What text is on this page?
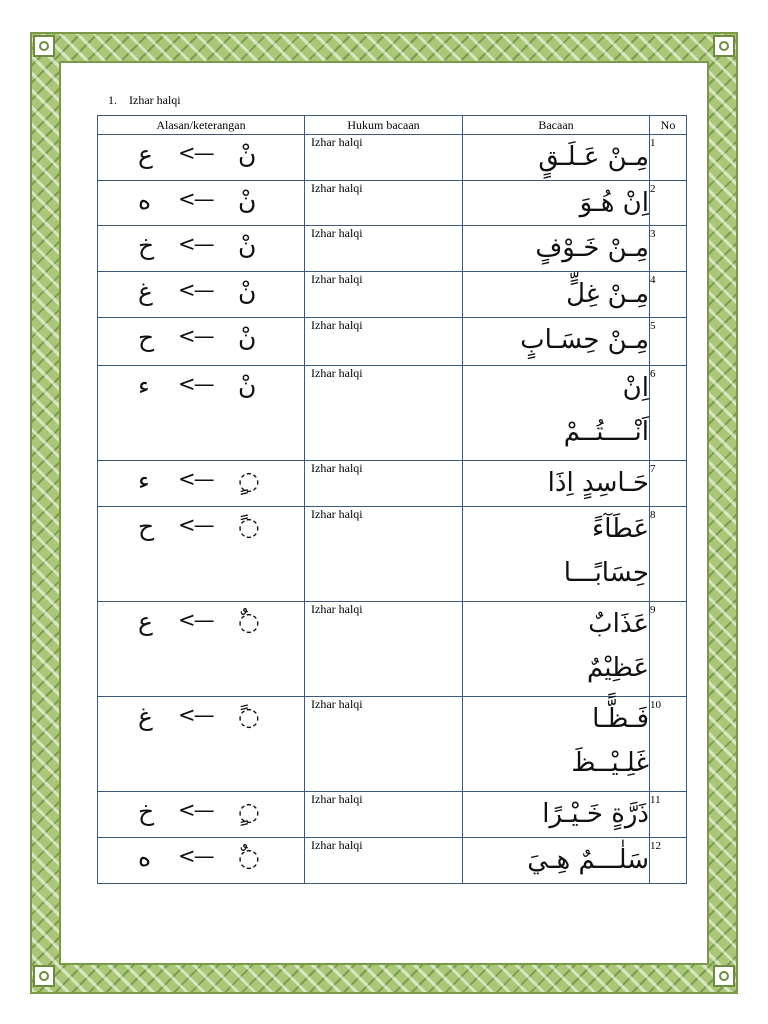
1. Izhar halqi
Alasan/keterangan	Hukum bacaan	Bacaan	No

ع <— نْ	Izhar halqi	مِـنْ عَـلَـقٍ	1

ه <— نْ	Izhar halqi	اِنْ هُـوَ	2

خ <— نْ	Izhar halqi	مِـنْ خَـوْفٍ	3

غ <— نْ	Izhar halqi	مِـنْ غِلٍّ	4

ح <— نْ	Izhar halqi	مِـنْ حِسَـابٍ	5

ء <— نْ	Izhar halqi	اِنْ
اَنْــــتُــمْ	6

ء <— ◌ٍ	Izhar halqi	حَـاسِدٍ اِذَا	7

ح <— ◌ً	Izhar halqi	عَطَآءً
حِسَابًـــا	8

ع <— ◌ٌ	Izhar halqi	عَذَابٌ
عَظِيْمٌ	9

غ <— ◌ً	Izhar halqi	فَـظًّـا
غَلِـيْــظَ	10

خ <— ◌ٍ	Izhar halqi	ذَرَّةٍ خَـيْـرًا	11

ه <— ◌ٌ	Izhar halqi	سَلٰـــمٌ هِـيَ	12
